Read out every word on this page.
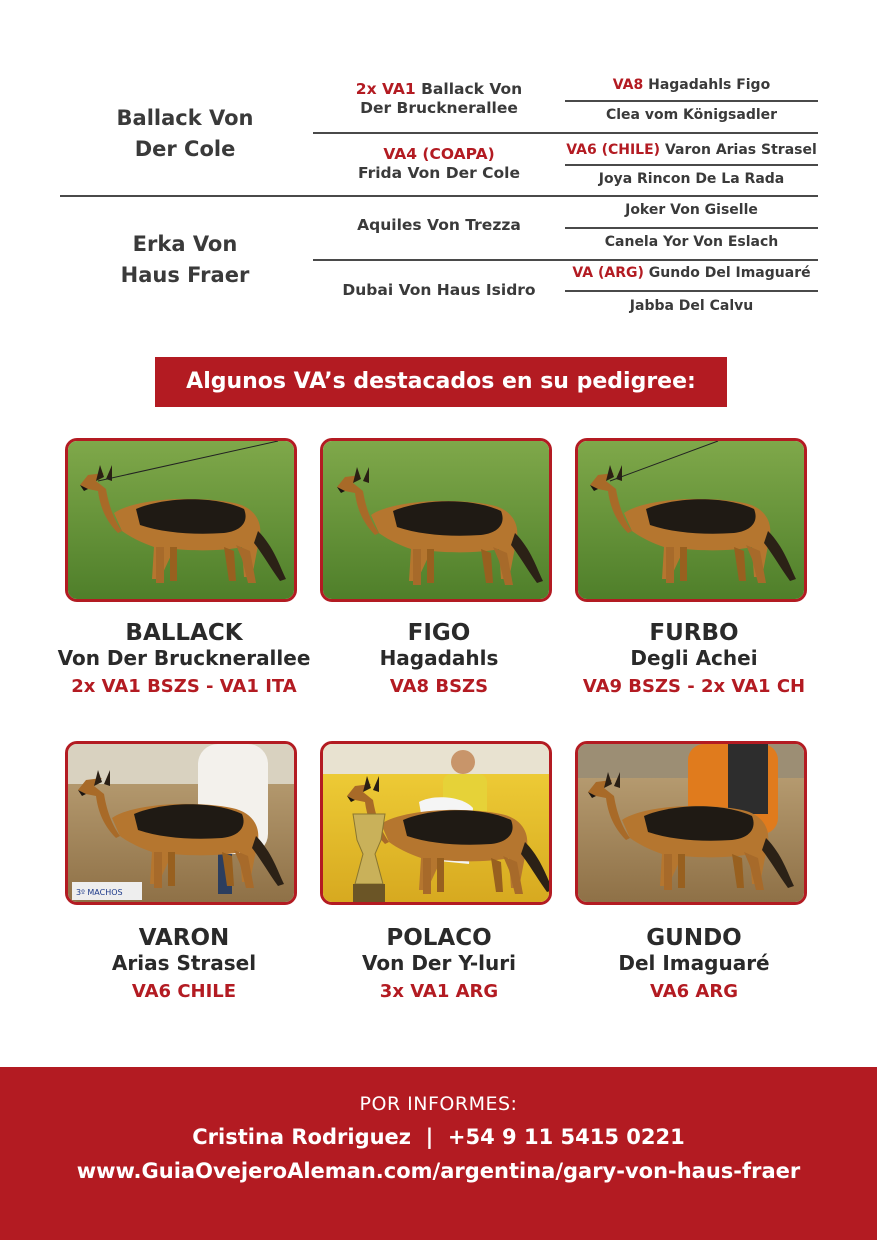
Ballack Von
Der Cole
2x VA1 Ballack Von
Der Brucknerallee
VA4 (COAPA)
Frida Von Der Cole
VA8 Hagadahls Figo
Clea vom Königsadler
VA6 (CHILE) Varon Arias Strasel
Joya Rincon De La Rada
Erka Von
Haus Fraer
Aquiles Von Trezza
Dubai Von Haus Isidro
Joker Von Giselle
Canela Yor Von Eslach
VA (ARG) Gundo Del Imaguaré
Jabba Del Calvu
Algunos VA’s destacados en su pedigree:
BALLACK
Von Der Brucknerallee
2x VA1 BSZS - VA1 ITA
FIGO
Hagadahls
VA8 BSZS
FURBO
Degli Achei
VA9 BSZS - 2x VA1 CH
3º MACHOS
VARON
Arias Strasel
VA6 CHILE
POLACO
Von Der Y-luri
3x VA1 ARG
GUNDO
Del Imaguaré
VA6 ARG
POR INFORMES:
Cristina Rodriguez  |  +54 9 11 5415 0221
www.GuiaOvejeroAleman.com/argentina/gary-von-haus-fraer
